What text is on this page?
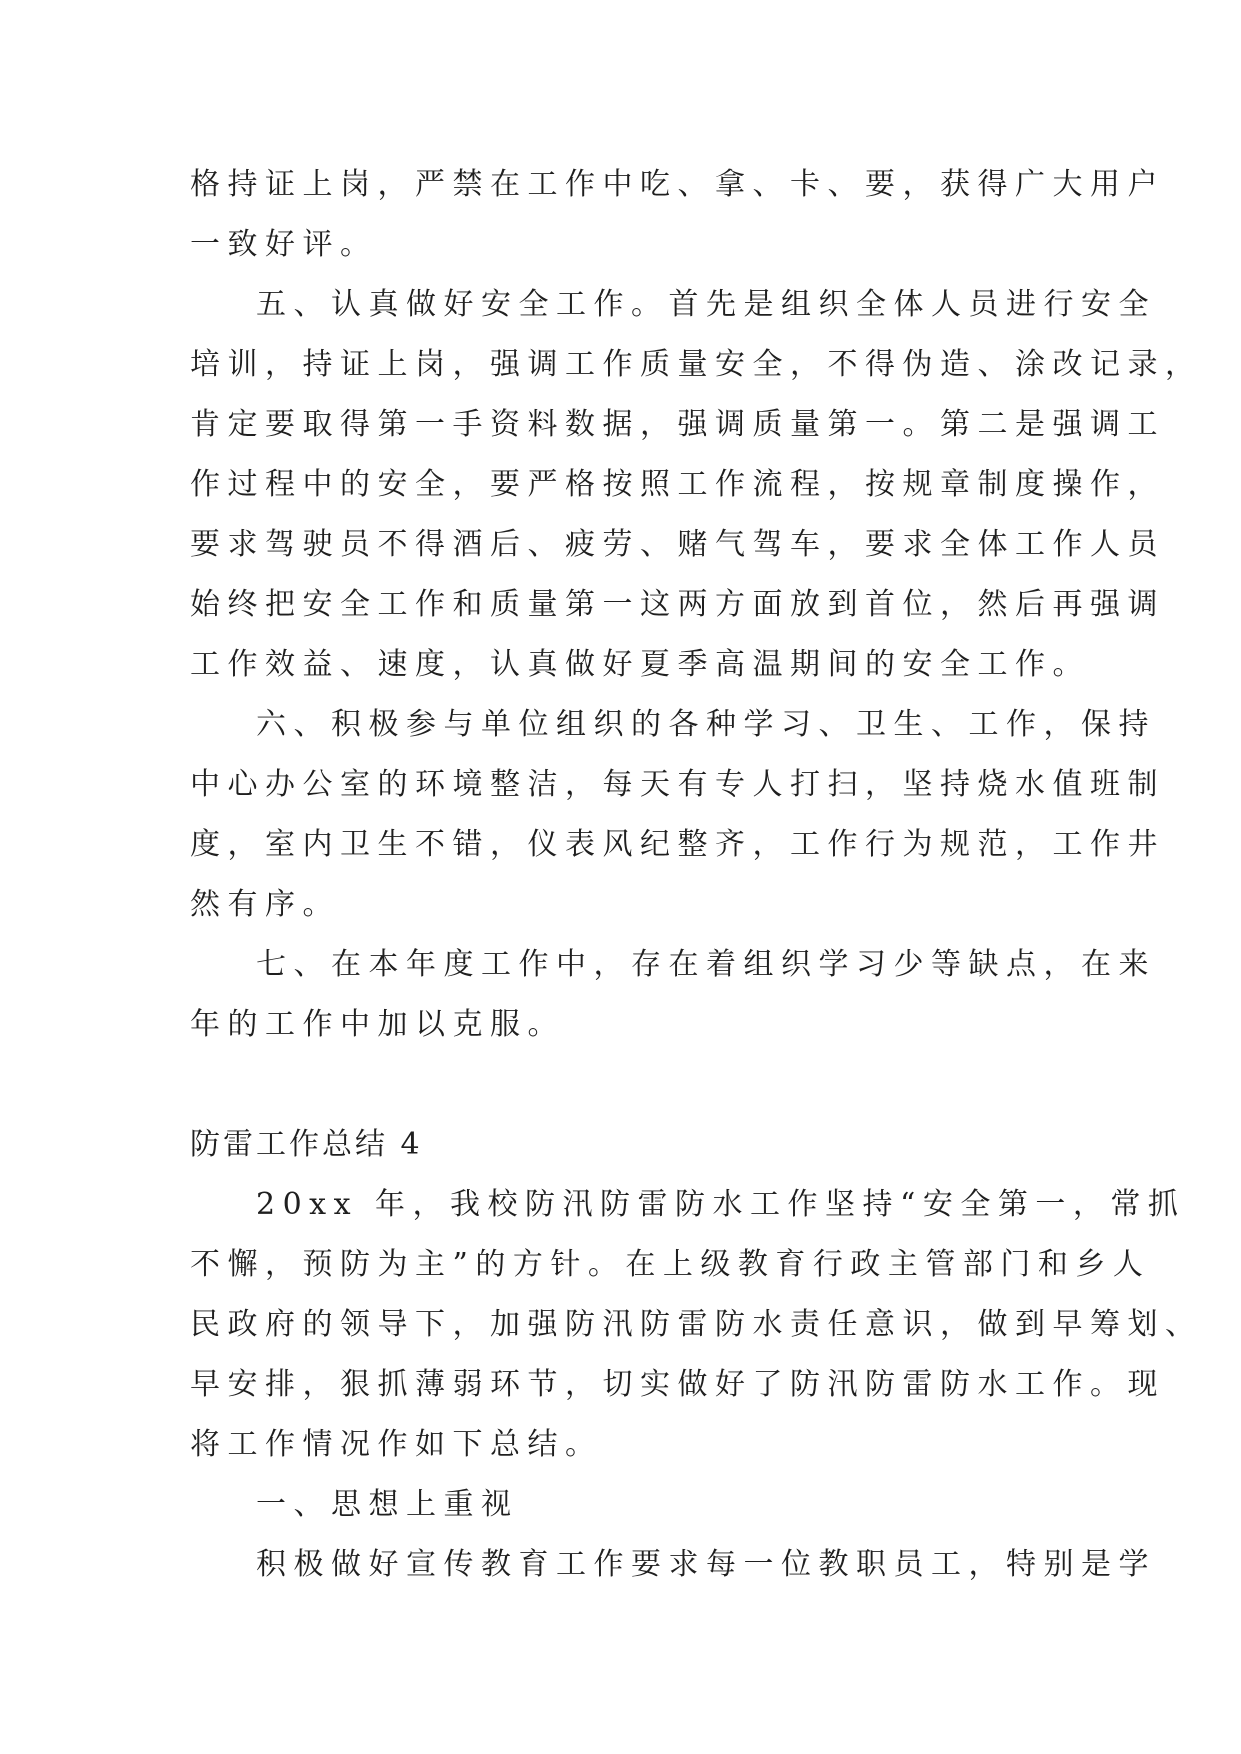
格持证上岗，严禁在工作中吃、拿、卡、要，获得广大用户
一致好评。
五、认真做好安全工作。首先是组织全体人员进行安全
培训，持证上岗，强调工作质量安全，不得伪造、涂改记录，
肯定要取得第一手资料数据，强调质量第一。第二是强调工
作过程中的安全，要严格按照工作流程，按规章制度操作，
要求驾驶员不得酒后、疲劳、赌气驾车，要求全体工作人员
始终把安全工作和质量第一这两方面放到首位，然后再强调
工作效益、速度，认真做好夏季高温期间的安全工作。
六、积极参与单位组织的各种学习、卫生、工作，保持
中心办公室的环境整洁，每天有专人打扫，坚持烧水值班制
度，室内卫生不错，仪表风纪整齐，工作行为规范，工作井
然有序。
七、在本年度工作中，存在着组织学习少等缺点，在来
年的工作中加以克服。
防雷工作总结 4
20xx 年，我校防汛防雷防水工作坚持“安全第一，常抓
不懈，预防为主”的方针。在上级教育行政主管部门和乡人
民政府的领导下，加强防汛防雷防水责任意识，做到早筹划、
早安排，狠抓薄弱环节，切实做好了防汛防雷防水工作。现
将工作情况作如下总结。
一、思想上重视
积极做好宣传教育工作要求每一位教职员工，特别是学
